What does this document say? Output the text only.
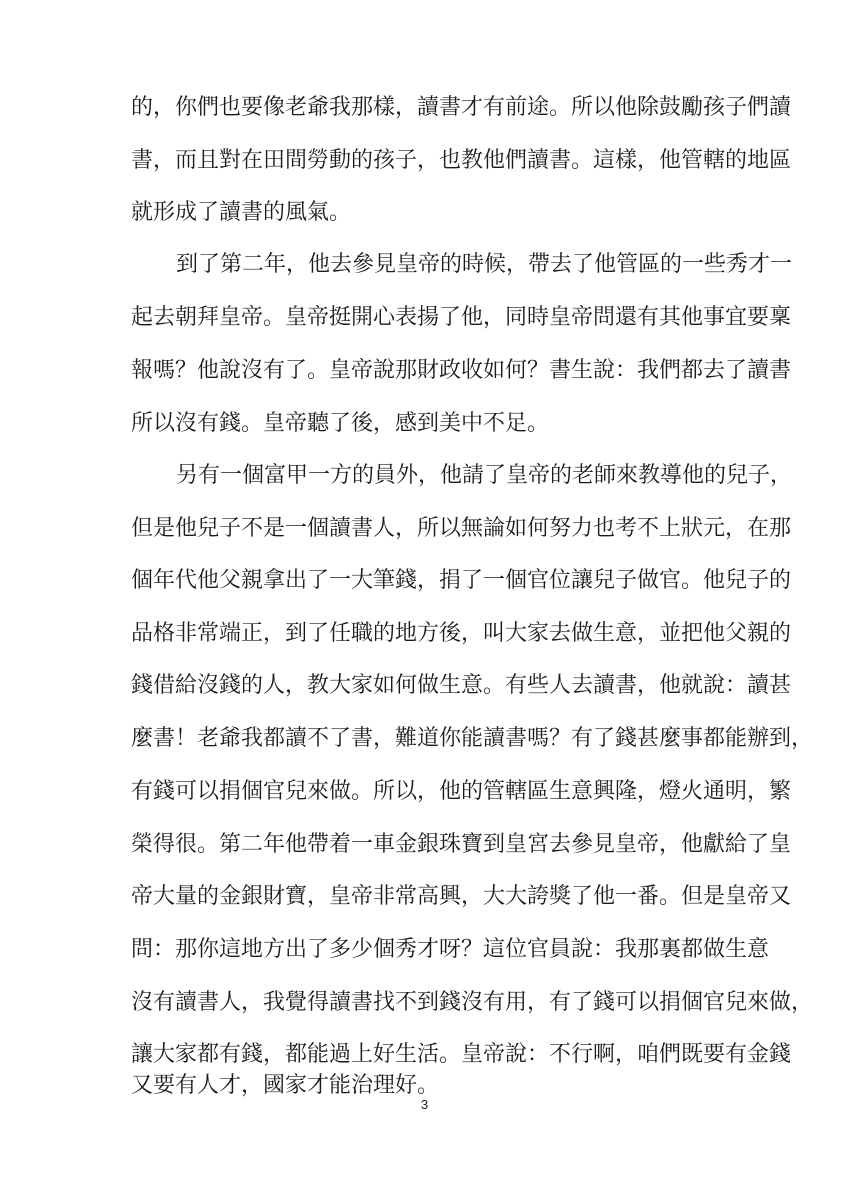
的，你們也要像老爺我那樣，讀書才有前途。所以他除鼓勵孩子們讀
書，而且對在田間勞動的孩子，也教他們讀書。這樣，他管轄的地區
就形成了讀書的風氣。
到了第二年，他去參見皇帝的時候，帶去了他管區的一些秀才一
起去朝拜皇帝。皇帝挺開心表揚了他，同時皇帝問還有其他事宜要稟
報嗎？他說沒有了。皇帝說那財政收如何？書生說：我們都去了讀書
所以沒有錢。皇帝聽了後，感到美中不足。
另有一個富甲一方的員外，他請了皇帝的老師來教導他的兒子，
但是他兒子不是一個讀書人，所以無論如何努力也考不上狀元，在那
個年代他父親拿出了一大筆錢，捐了一個官位讓兒子做官。他兒子的
品格非常端正，到了任職的地方後，叫大家去做生意，並把他父親的
錢借給沒錢的人，教大家如何做生意。有些人去讀書，他就說：讀甚
麼書！老爺我都讀不了書，難道你能讀書嗎？有了錢甚麼事都能辦到，
有錢可以捐個官兒來做。所以，他的管轄區生意興隆，燈火通明，繁
榮得很。第二年他帶着一車金銀珠寶到皇宮去參見皇帝，他獻給了皇
帝大量的金銀財寶，皇帝非常高興，大大誇獎了他一番。但是皇帝又
問：那你這地方出了多少個秀才呀？這位官員說：我那裏都做生意
沒有讀書人，我覺得讀書找不到錢沒有用，有了錢可以捐個官兒來做，
讓大家都有錢，都能過上好生活。皇帝說：不行啊，咱們既要有金錢
又要有人才，國家才能治理好。
3
